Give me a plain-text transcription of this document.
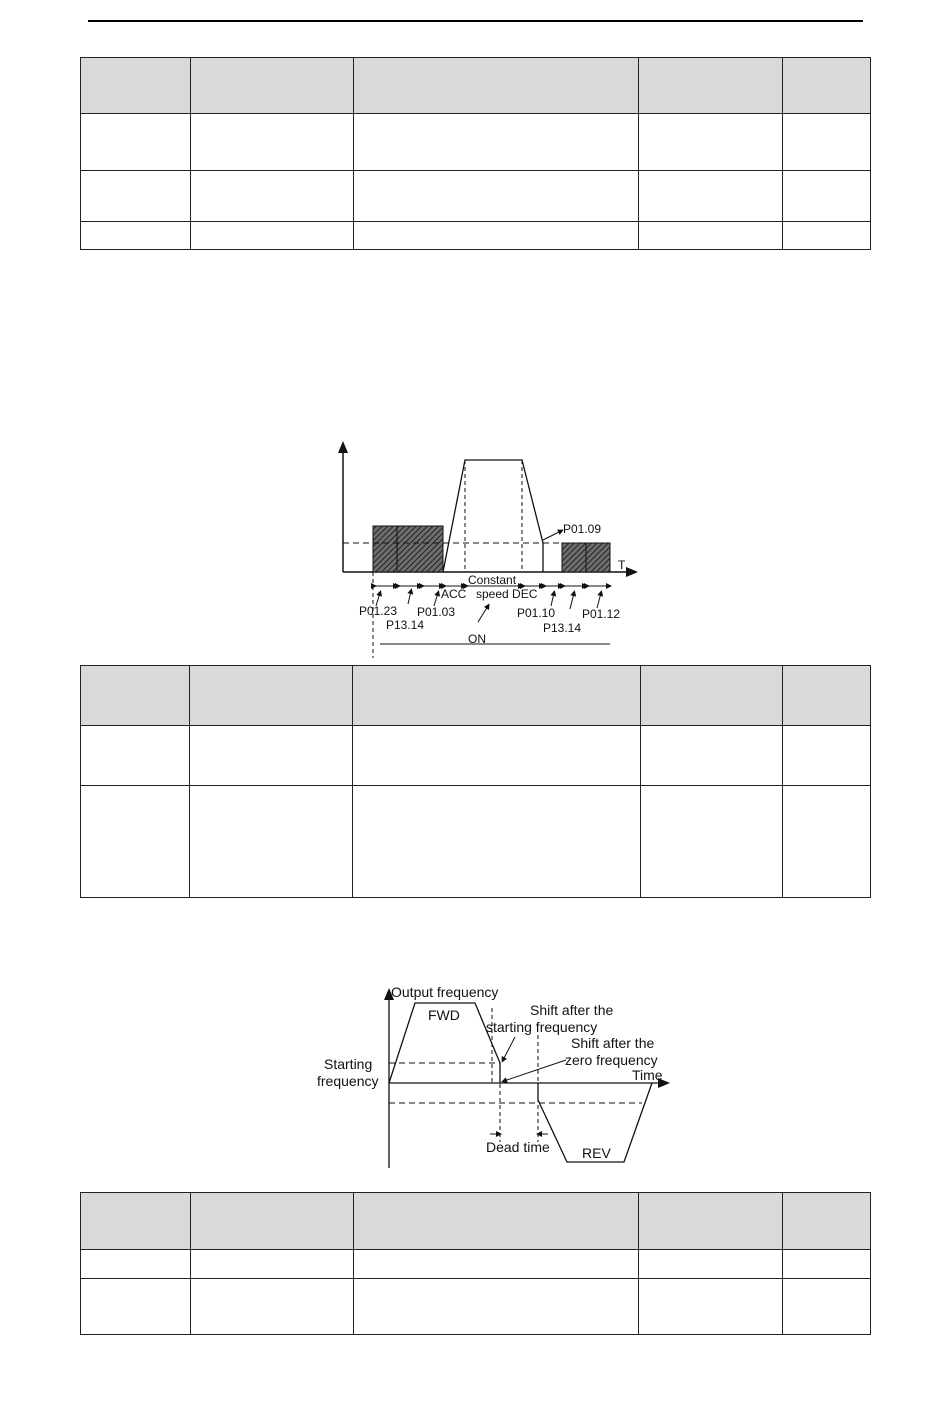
T
P01.09
Constant
ACC speed DEC
P01.23
P13.14
P01.03	P01.10
P13.14
P01.12
ON

Output frequency
Time
FWD
Starting
frequency
REV
Dead time
Shift after the
starting frequency
Shift after the
zero frequency
